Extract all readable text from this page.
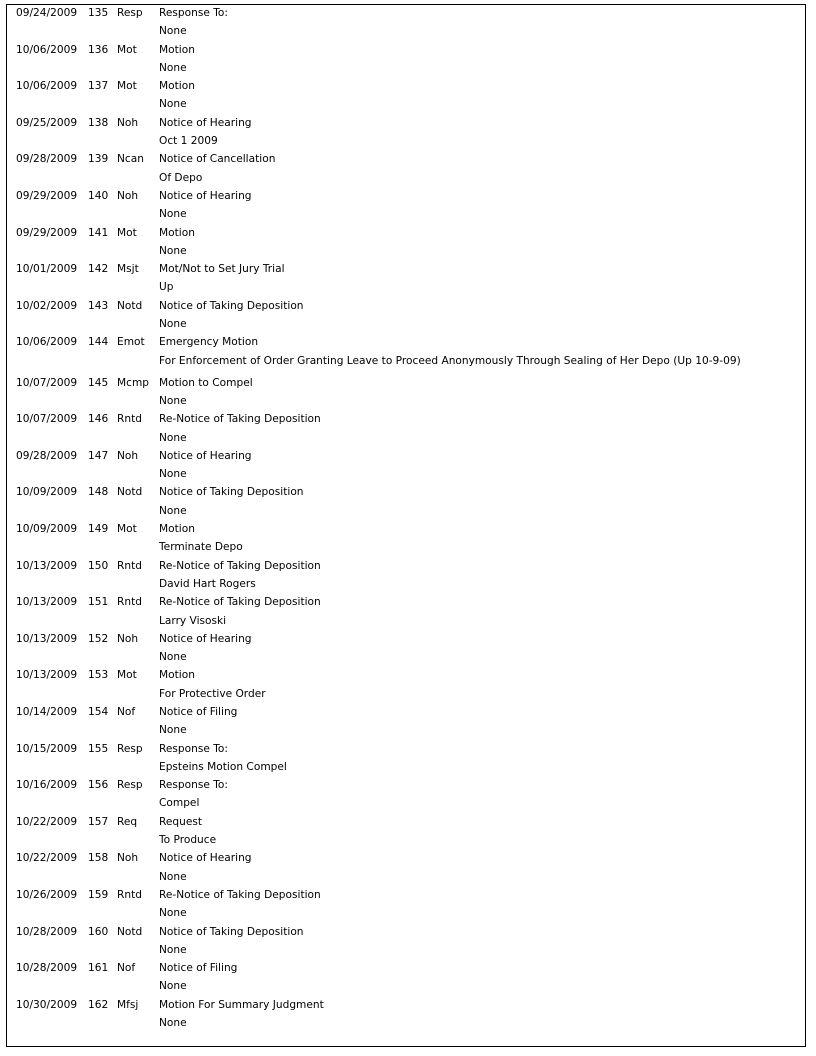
09/24/2009 135 Resp Response To:
None
10/06/2009 136 Mot Motion
None
10/06/2009 137 Mot Motion
None
09/25/2009 138 Noh Notice of Hearing
Oct 1 2009
09/28/2009 139 Ncan Notice of Cancellation
Of Depo
09/29/2009 140 Noh Notice of Hearing
None
09/29/2009 141 Mot Motion
None
10/01/2009 142 Msjt Mot/Not to Set Jury Trial
Up
10/02/2009 143 Notd Notice of Taking Deposition
None
10/06/2009 144 Emot Emergency Motion
For Enforcement of Order Granting Leave to Proceed Anonymously Through Sealing of Her Depo (Up 10-9-09)
10/07/2009 145 Mcmp Motion to Compel
None
10/07/2009 146 Rntd Re-Notice of Taking Deposition
None
09/28/2009 147 Noh Notice of Hearing
None
10/09/2009 148 Notd Notice of Taking Deposition
None
10/09/2009 149 Mot Motion
Terminate Depo
10/13/2009 150 Rntd Re-Notice of Taking Deposition
David Hart Rogers
10/13/2009 151 Rntd Re-Notice of Taking Deposition
Larry Visoski
10/13/2009 152 Noh Notice of Hearing
None
10/13/2009 153 Mot Motion
For Protective Order
10/14/2009 154 Nof Notice of Filing
None
10/15/2009 155 Resp Response To:
Epsteins Motion Compel
10/16/2009 156 Resp Response To:
Compel
10/22/2009 157 Req Request
To Produce
10/22/2009 158 Noh Notice of Hearing
None
10/26/2009 159 Rntd Re-Notice of Taking Deposition
None
10/28/2009 160 Notd Notice of Taking Deposition
None
10/28/2009 161 Nof Notice of Filing
None
10/30/2009 162 Mfsj Motion For Summary Judgment
None
